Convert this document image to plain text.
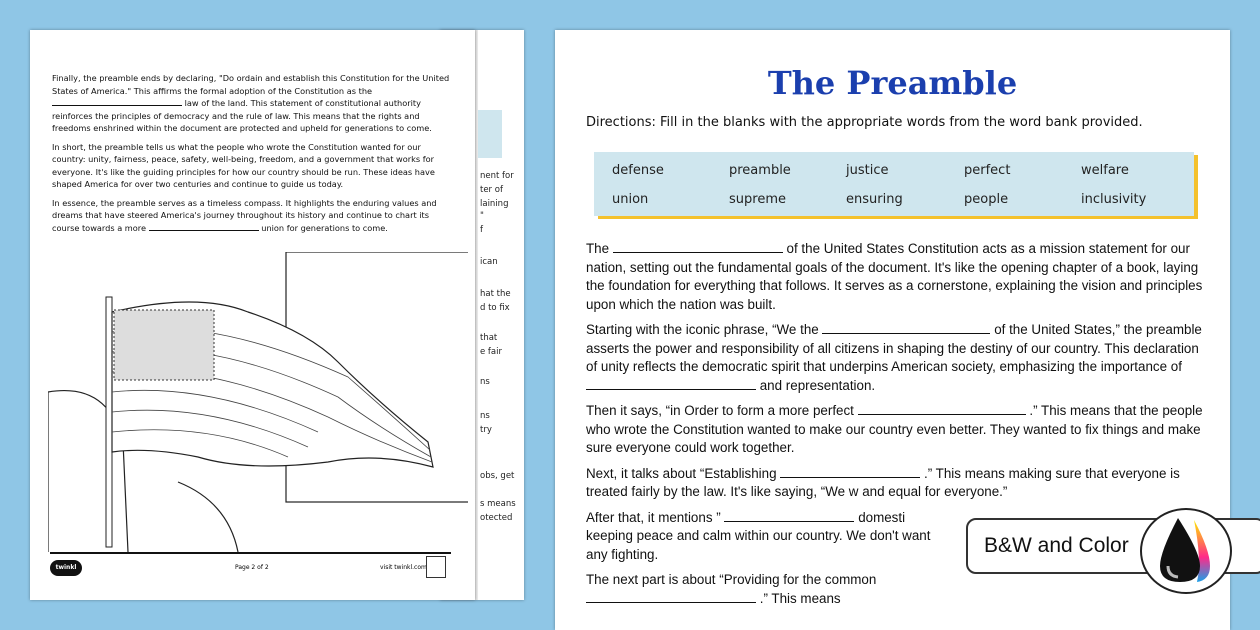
nent for
ter of
laining
"
f
ican
hat the
d to fix
that
e fair
ns
ns
try
obs, get
s means
otected

Finally, the preamble ends by declaring, "Do ordain and establish this Constitution for the United States of America." This affirms the formal adoption of the Constitution as the  law of the land. This statement of constitutional authority reinforces the principles of democracy and the rule of law. This means that the rights and freedoms enshrined within the document are protected and upheld for generations to come.

In short, the preamble tells us what the people who wrote the Constitution wanted for our country: unity, fairness, peace, safety, well-being, freedom, and a government that works for everyone. It's like the guiding principles for how our country should be run. These ideas have shaped America for over two centuries and continue to guide us today.

In essence, the preamble serves as a timeless compass. It highlights the enduring values and dreams that have steered America's journey throughout its history and continue to chart its course towards a more	union for generations to come.

twinkl	Page 2 of 2	visit twinkl.com
The Preamble
Directions: Fill in the blanks with the appropriate words from the word bank provided.
defense	preamble	justice	perfect	welfare
union	supreme	ensuring	people	inclusivity

The	of the United States Constitution acts as a mission statement for our nation, setting out the fundamental goals of the document. It's like the opening chapter of a book, laying the foundation for everything that follows. It serves as a cornerstone, explaining the vision and principles upon which the nation was built.

Starting with the iconic phrase, “We the	of the United States,” the preamble asserts the power and responsibility of all citizens in shaping the destiny of our country. This declaration of unity reflects the democratic spirit that underpins American society, emphasizing the importance of  and representation.

Then it says, “in Order to form a more perfect	.” This means that the people who wrote the Constitution wanted to make our country even better. They wanted to fix things and make sure everyone could work together.

Next, it talks about “Establishing	.” This means making sure that everyone is treated fairly by the law. It's like saying, “We w and equal for everyone.”

After that, it mentions ”	domesti keeping peace and calm within our country. We don't want any fighting.

The next part is about “Providing for the common  .” This means

B&W and Color
